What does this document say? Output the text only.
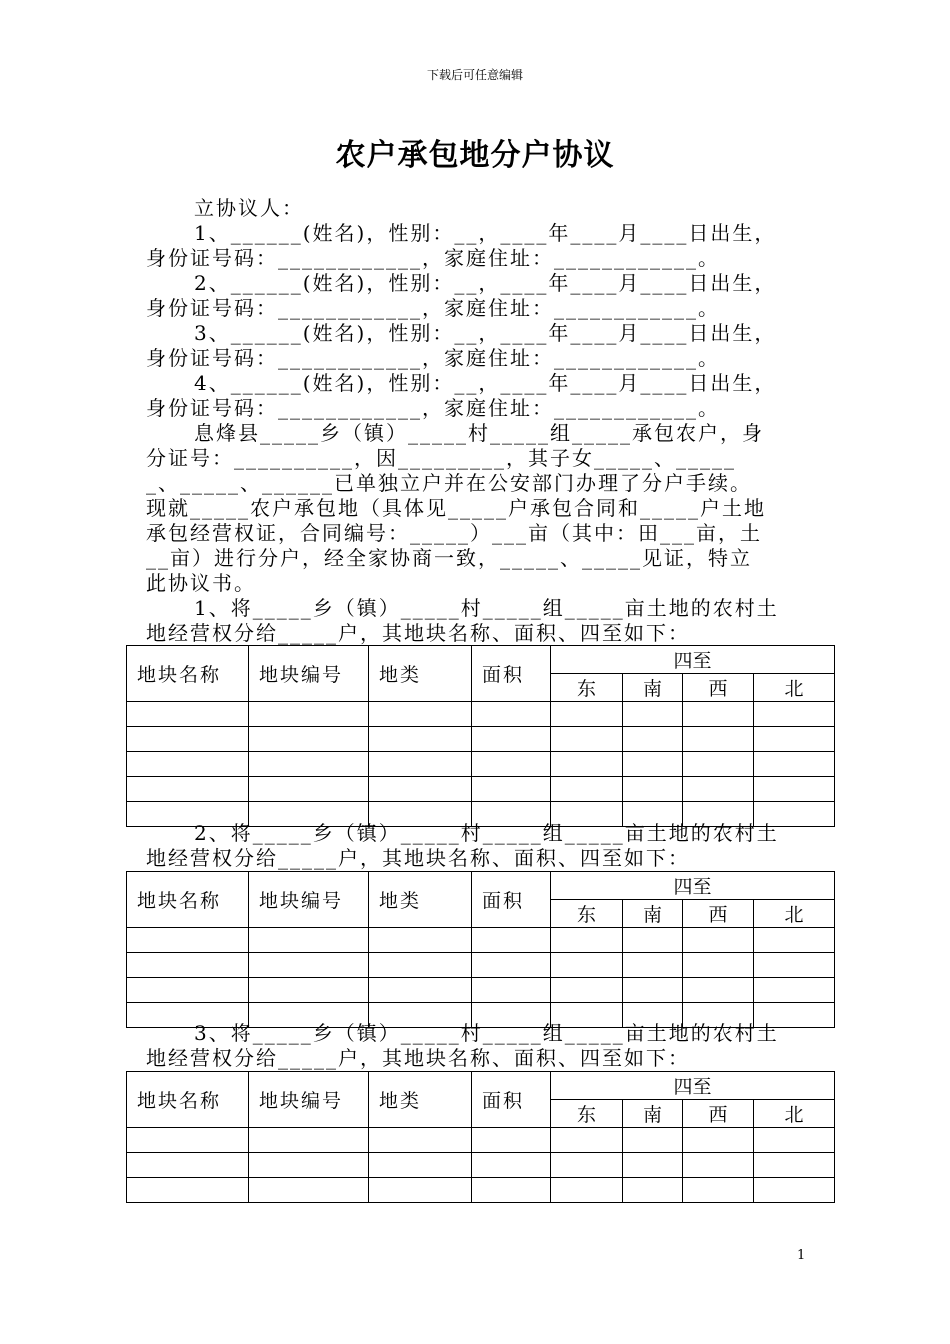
下载后可任意编辑
农户承包地分户协议
立协议人：
1、______(姓名)，性别：__，____年____月____日出生，
身份证号码：____________，家庭住址：____________。
2、______(姓名)，性别：__，____年____月____日出生，
身份证号码：____________，家庭住址：____________。
3、______(姓名)，性别：__，____年____月____日出生，
身份证号码：____________，家庭住址：____________。
4、______(姓名)，性别：__，____年____月____日出生，
身份证号码：____________，家庭住址：____________。
息烽县_____乡（镇）_____村_____组_____承包农户，身
分证号：__________，因_________，其子女_____、_____
_、_____、______已单独立户并在公安部门办理了分户手续。
现就_____农户承包地（具体见_____户承包合同和_____户土地
承包经营权证，合同编号：_____）___亩（其中：田___亩，土
__亩）进行分户，经全家协商一致，_____、_____见证，特立
此协议书。
1、将_____乡（镇）_____村_____组_____亩土地的农村土
地经营权分给_____户，其地块名称、面积、四至如下：
地块名称	地块编号	地类	面积	四至			
				东	南	西	北

2、将_____乡（镇）_____村_____组_____亩土地的农村土
地经营权分给_____户，其地块名称、面积、四至如下：
地块名称	地块编号	地类	面积	四至			
				东	南	西	北

3、将_____乡（镇）_____村_____组_____亩土地的农村土
地经营权分给_____户，其地块名称、面积、四至如下：
地块名称	地块编号	地类	面积	四至			
				东	南	西	北

1
